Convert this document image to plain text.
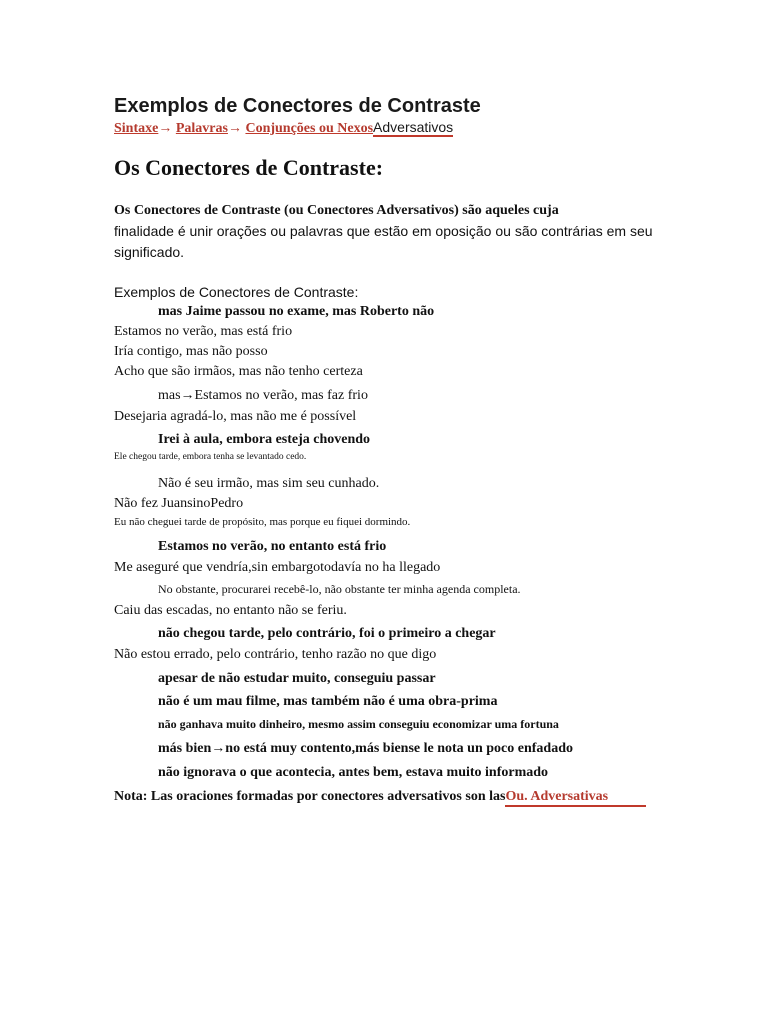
Exemplos de Conectores de Contraste
Sintaxe→ Palavras→ Conjunções ou NexosAdversativos
Os Conectores de Contraste:
Os Conectores de Contraste (ou Conectores Adversativos) são aqueles cuja
finalidade é unir orações ou palavras que estão em oposição ou são contrárias em seu significado.
Exemplos de Conectores de Contraste:
mas Jaime passou no exame, mas Roberto não
Estamos no verão, mas está frio
Iría contigo, mas não posso
Acho que são irmãos, mas não tenho certeza
mas→Estamos no verão, mas faz frio
Desejaria agradá-lo, mas não me é possível
Irei à aula, embora esteja chovendo
Ele chegou tarde, embora tenha se levantado cedo.
Não é seu irmão, mas sim seu cunhado.
Não fez JuansinoPedro
Eu não cheguei tarde de propósito, mas porque eu fiquei dormindo.
Estamos no verão, no entanto está frio
Me aseguré que vendría,sin embargotodavía no ha llegado
No obstante, procurarei recebê-lo, não obstante ter minha agenda completa.
Caiu das escadas, no entanto não se feriu.
não chegou tarde, pelo contrário, foi o primeiro a chegar
Não estou errado, pelo contrário, tenho razão no que digo
apesar de não estudar muito, conseguiu passar
não é um mau filme, mas também não é uma obra-prima
não ganhava muito dinheiro, mesmo assim conseguiu economizar uma fortuna
más bien→no está muy contento,más biense le nota un poco enfadado
não ignorava o que acontecia, antes bem, estava muito informado
Nota: Las oraciones formadas por conectores adversativos son lasOu. Adversativas
